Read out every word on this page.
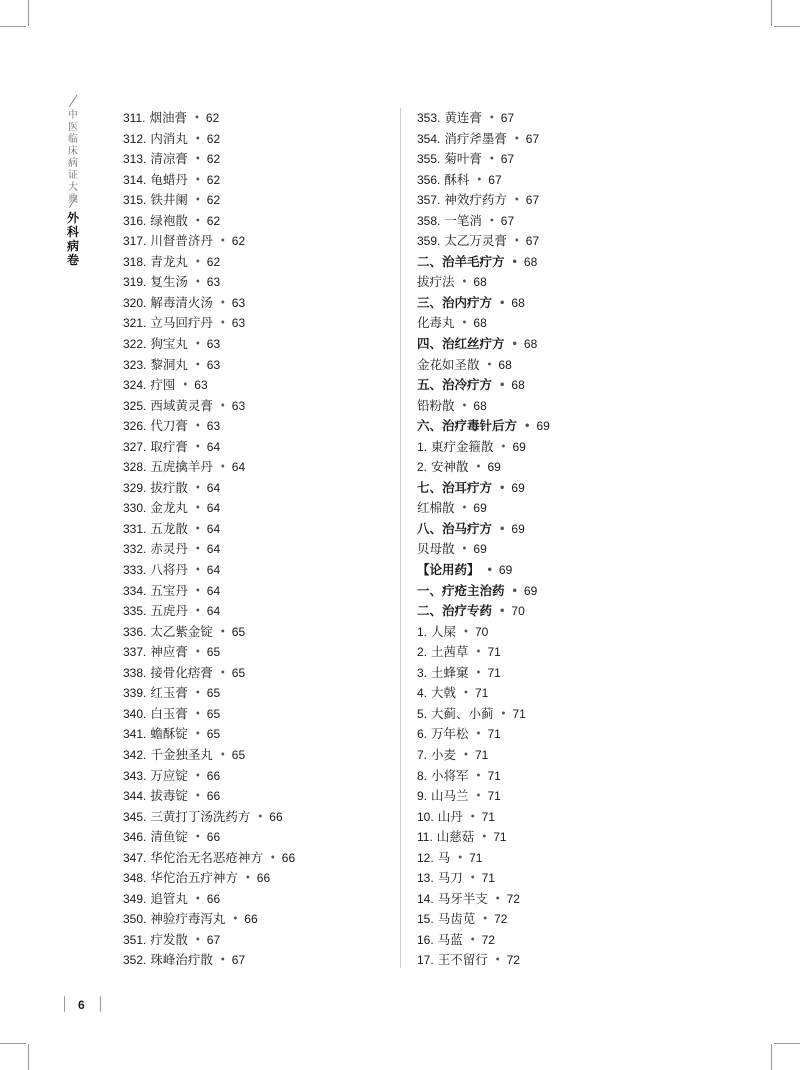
中医临床病证大典
外科病卷
311. 烟油膏 • 62
312. 内消丸 • 62
313. 清凉膏 • 62
314. 龟蜡丹 • 62
315. 铁井阑 • 62
316. 绿袍散 • 62
317. 川督普济丹 • 62
318. 青龙丸 • 62
319. 复生汤 • 63
320. 解毒清火汤 • 63
321. 立马回疔丹 • 63
322. 狗宝丸 • 63
323. 黎洞丸 • 63
324. 疔囤 • 63
325. 西域黄灵膏 • 63
326. 代刀膏 • 63
327. 取疔膏 • 64
328. 五虎擒羊丹 • 64
329. 拔疔散 • 64
330. 金龙丸 • 64
331. 五龙散 • 64
332. 赤灵丹 • 64
333. 八将丹 • 64
334. 五宝丹 • 64
335. 五虎丹 • 64
336. 太乙紫金锭 • 65
337. 神应膏 • 65
338. 接骨化痞膏 • 65
339. 红玉膏 • 65
340. 白玉膏 • 65
341. 蟾酥锭 • 65
342. 千金独圣丸 • 65
343. 万应锭 • 66
344. 拔毒锭 • 66
345. 三黄打丁汤洗药方 • 66
346. 清鱼锭 • 66
347. 华佗治无名恶疮神方 • 66
348. 华佗治五疔神方 • 66
349. 追管丸 • 66
350. 神验疔毒泻丸 • 66
351. 疔发散 • 67
352. 珠峰治疔散 • 67
353. 黄连膏 • 67
354. 消疔斧墨膏 • 67
355. 菊叶膏 • 67
356. 酥科 • 67
357. 神效疔药方 • 67
358. 一笔消 • 67
359. 太乙万灵膏 • 67
二、治羊毛疔方 • 68
拔疔法 • 68
三、治内疔方 • 68
化毒丸 • 68
四、治红丝疔方 • 68
金花如圣散 • 68
五、治冷疔方 • 68
铅粉散 • 68
六、治疗毒针后方 • 69
1. 東疔金箍散 • 69
2. 安神散 • 69
七、治耳疔方 • 69
红棉散 • 69
八、治马疔方 • 69
贝母散 • 69
【论用药】 • 69
一、疔疮主治药 • 69
二、治疗专药 • 70
1. 人屎 • 70
2. 土茜草 • 71
3. 土蜂窠 • 71
4. 大戟 • 71
5. 大蓟、小蓟 • 71
6. 万年松 • 71
7. 小麦 • 71
8. 小将军 • 71
9. 山马兰 • 71
10. 山丹 • 71
11. 山慈菇 • 71
12. 马 • 71
13. 马刀 • 71
14. 马牙半支 • 72
15. 马齿苋 • 72
16. 马蓝 • 72
17. 王不留行 • 72
6
